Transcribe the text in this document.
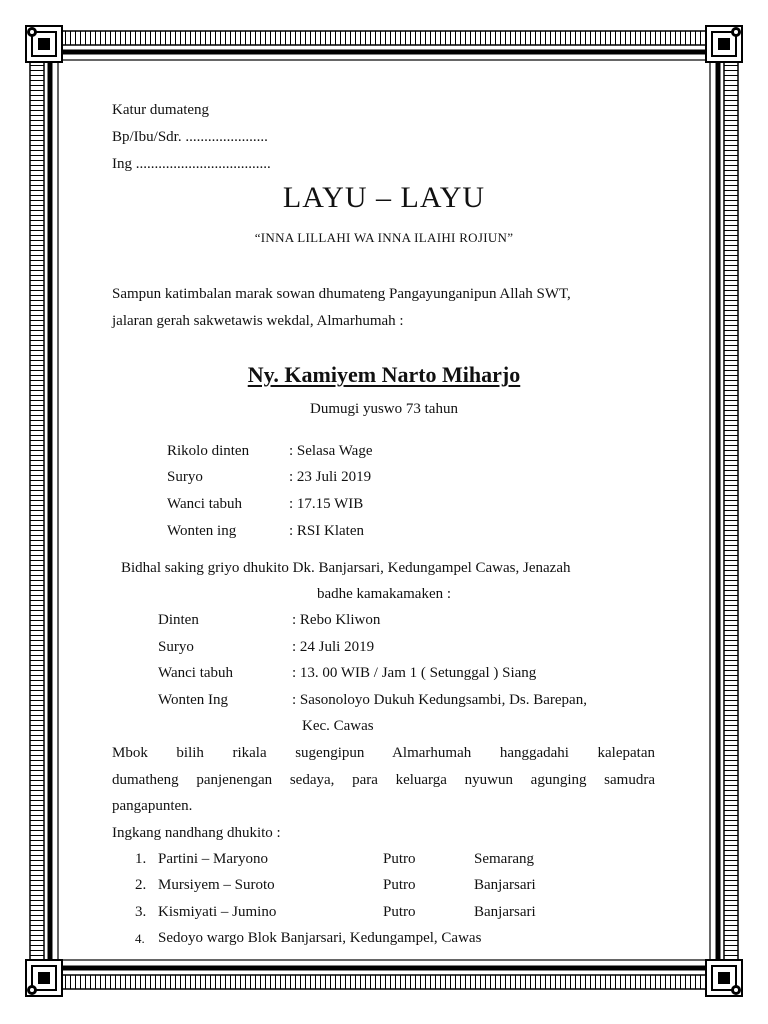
Katur dumateng
Bp/Ibu/Sdr. ......................
Ing ....................................
LAYU – LAYU
“INNA LILLAHI WA INNA ILAIHI ROJIUN”
Sampun katimbalan marak sowan dhumateng Pangayunganipun Allah SWT,
jalaran gerah sakwetawis wekdal, Almarhumah :
Ny. Kamiyem Narto Miharjo
Dumugi yuswo 73 tahun
Rikolo dinten	: Selasa Wage
Suryo	: 23 Juli 2019
Wanci tabuh	: 17.15 WIB
Wonten ing	: RSI Klaten
Bidhal saking griyo dhukito Dk. Banjarsari, Kedungampel Cawas, Jenazah
badhe kamakamaken :
Dinten	: Rebo Kliwon
Suryo	: 24 Juli 2019
Wanci tabuh	: 13. 00 WIB / Jam 1 ( Setunggal ) Siang
Wonten Ing	: Sasonoloyo Dukuh Kedungsambi, Ds. Barepan,
Kec. Cawas
Mbok bilih rikala sugengipun Almarhumah hanggadahi kalepatan
dumatheng panjenengan sedaya, para keluarga nyuwun agunging samudra
pangapunten.
Ingkang nandhang dhukito :
1. Partini – Maryono	Putro	Semarang
2. Mursiyem – Suroto	Putro	Banjarsari
3. Kismiyati – Jumino	Putro	Banjarsari
4. Sedoyo wargo Blok Banjarsari, Kedungampel, Cawas
